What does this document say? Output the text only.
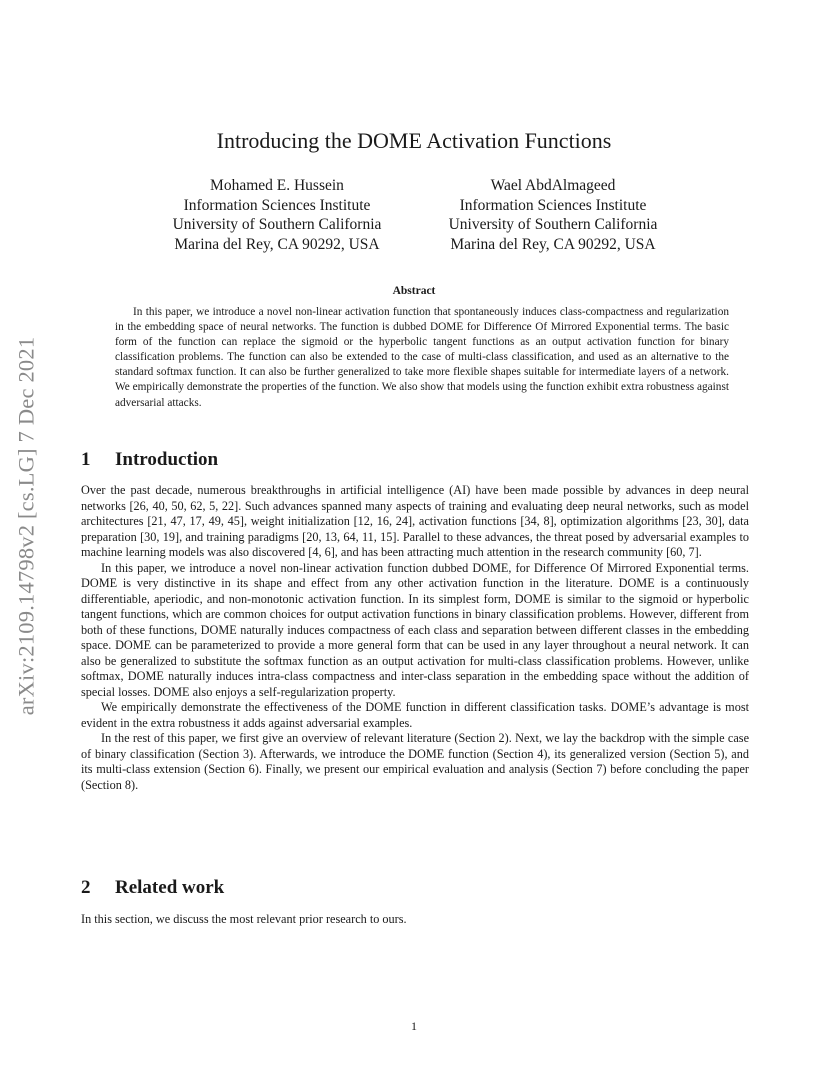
arXiv:2109.14798v2 [cs.LG] 7 Dec 2021
Introducing the DOME Activation Functions
Mohamed E. Hussein
Information Sciences Institute
University of Southern California
Marina del Rey, CA 90292, USA
Wael AbdAlmageed
Information Sciences Institute
University of Southern California
Marina del Rey, CA 90292, USA
Abstract

In this paper, we introduce a novel non-linear activation function that spontaneously induces class-compactness and regularization in the embedding space of neural networks. The function is dubbed DOME for Difference Of Mirrored Exponential terms. The basic form of the function can replace the sigmoid or the hyperbolic tangent functions as an output activation function for binary classification problems. The function can also be extended to the case of multi-class classification, and used as an alternative to the standard softmax function. It can also be further generalized to take more flexible shapes suitable for intermediate layers of a network. We empirically demonstrate the properties of the function. We also show that models using the function exhibit extra robustness against adversarial attacks.

1 Introduction

Over the past decade, numerous breakthroughs in artificial intelligence (AI) have been made possible by advances in deep neural networks [26, 40, 50, 62, 5, 22]. Such advances spanned many aspects of training and evaluating deep neural networks, such as model architectures [21, 47, 17, 49, 45], weight initialization [12, 16, 24], activation functions [34, 8], optimization algorithms [23, 30], data preparation [30, 19], and training paradigms [20, 13, 64, 11, 15]. Parallel to these advances, the threat posed by adversarial examples to machine learning models was also discovered [4, 6], and has been attracting much attention in the research community [60, 7].

In this paper, we introduce a novel non-linear activation function dubbed DOME, for Difference Of Mirrored Exponential terms. DOME is very distinctive in its shape and effect from any other activation function in the literature. DOME is a continuously differentiable, aperiodic, and non-monotonic activation function. In its simplest form, DOME is similar to the sigmoid or hyperbolic tangent functions, which are common choices for output activation functions in binary classification problems. However, different from both of these functions, DOME naturally induces compactness of each class and separation between different classes in the embedding space. DOME can be parameterized to provide a more general form that can be used in any layer throughout a neural network. It can also be generalized to substitute the softmax function as an output activation for multi-class classification problems. However, unlike softmax, DOME naturally induces intra-class compactness and inter-class separation in the embedding space without the addition of special losses. DOME also enjoys a self-regularization property.

We empirically demonstrate the effectiveness of the DOME function in different classification tasks. DOME’s advantage is most evident in the extra robustness it adds against adversarial examples.

In the rest of this paper, we first give an overview of relevant literature (Section 2). Next, we lay the backdrop with the simple case of binary classification (Section 3). Afterwards, we introduce the DOME function (Section 4), its generalized version (Section 5), and its multi-class extension (Section 6). Finally, we present our empirical evaluation and analysis (Section 7) before concluding the paper (Section 8).

2 Related work

In this section, we discuss the most relevant prior research to ours.

1
